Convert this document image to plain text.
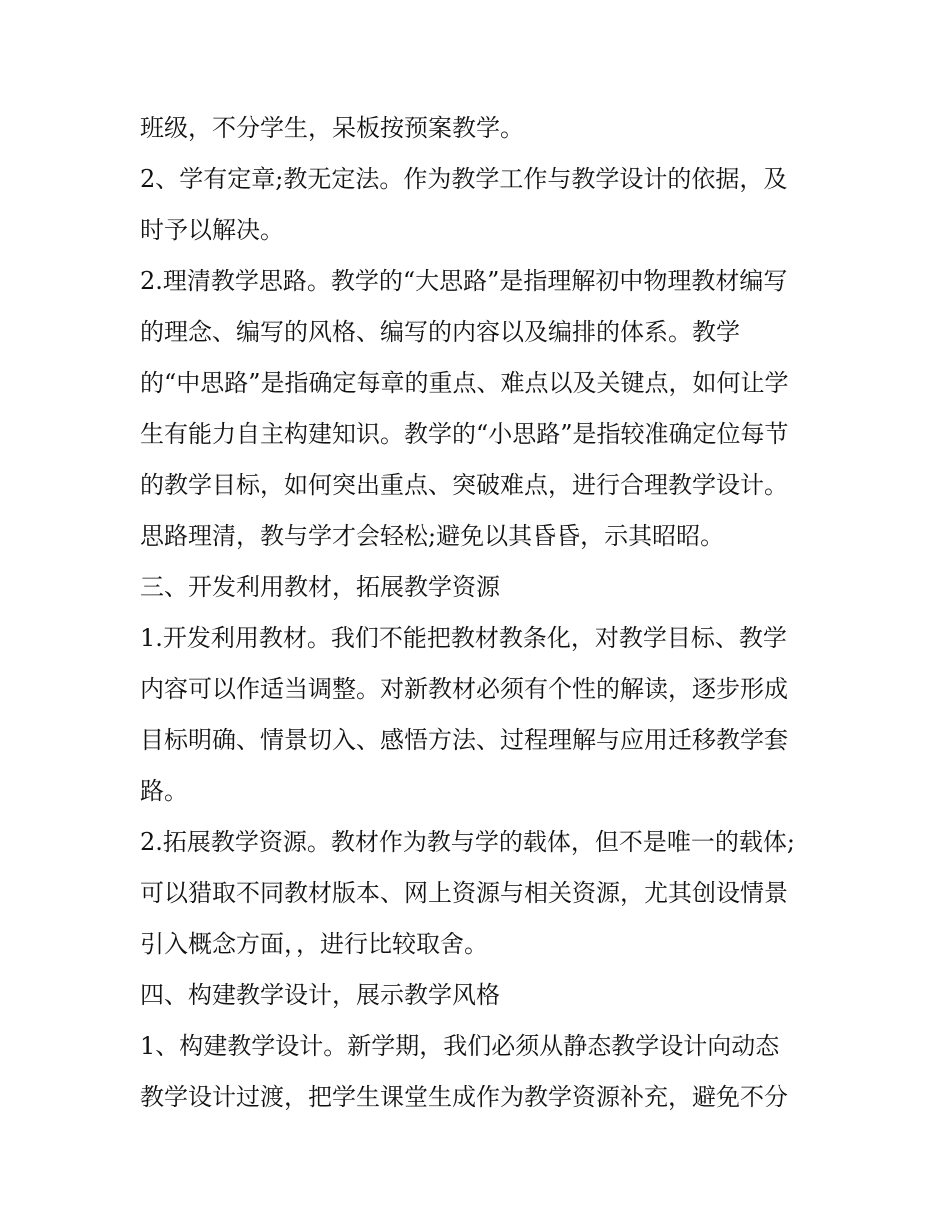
班级，不分学生，呆板按预案教学。
2、学有定章;教无定法。作为教学工作与教学设计的依据，及
时予以解决。
2.理清教学思路。教学的“大思路”是指理解初中物理教材编写
的理念、编写的风格、编写的内容以及编排的体系。教学
的“中思路”是指确定每章的重点、难点以及关键点，如何让学
生有能力自主构建知识。教学的“小思路”是指较准确定位每节
的教学目标，如何突出重点、突破难点，进行合理教学设计。
思路理清，教与学才会轻松;避免以其昏昏，示其昭昭。
三、开发利用教材，拓展教学资源
1.开发利用教材。我们不能把教材教条化，对教学目标、教学
内容可以作适当调整。对新教材必须有个性的解读，逐步形成
目标明确、情景切入、感悟方法、过程理解与应用迁移教学套
路。
2.拓展教学资源。教材作为教与学的载体，但不是唯一的载体;
可以猎取不同教材版本、网上资源与相关资源，尤其创设情景
引入概念方面，，进行比较取舍。
四、构建教学设计，展示教学风格
1、构建教学设计。新学期，我们必须从静态教学设计向动态
教学设计过渡，把学生课堂生成作为教学资源补充，避免不分
